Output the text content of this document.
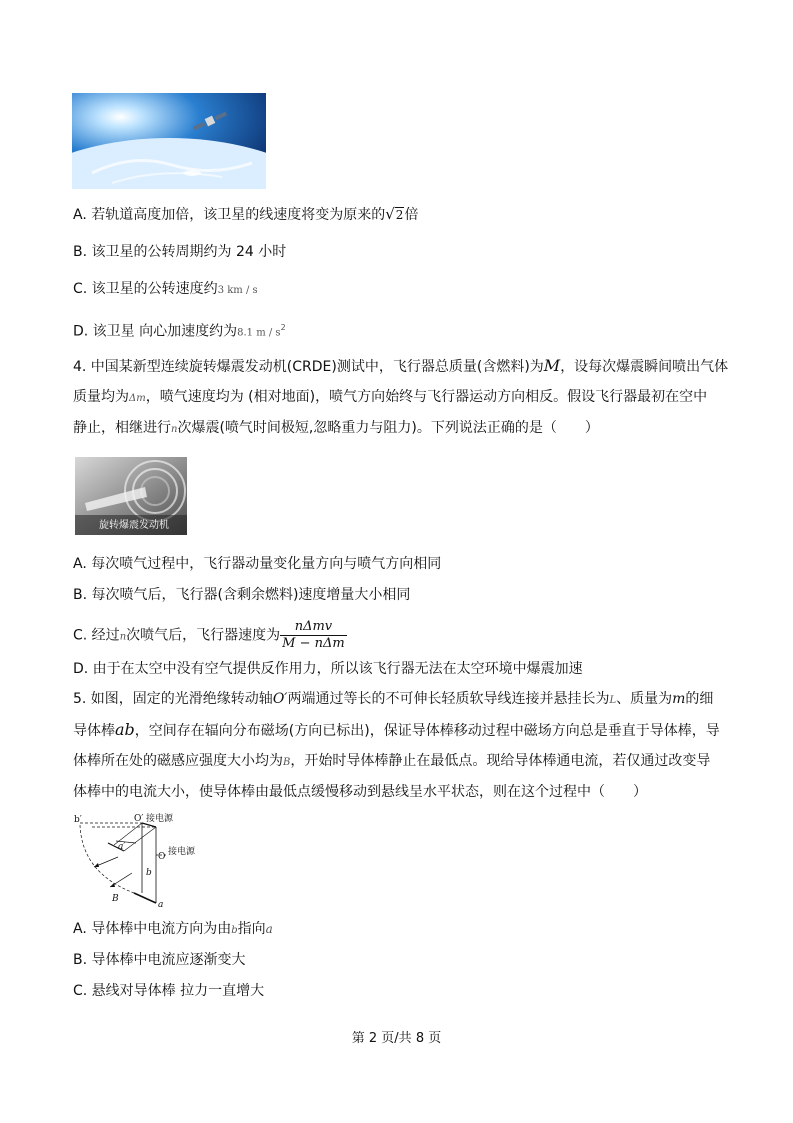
A. 若轨道高度加倍，该卫星的线速度将变为原来的√2倍
B. 该卫星的公转周期约为 24 小时
C. 该卫星的公转速度约3 km / s
D. 该卫星 向心加速度约为8.1 m / $s^2$
4. 中国某新型连续旋转爆震发动机(CRDE)测试中，飞行器总质量(含燃料)为M，设每次爆震瞬间喷出气体
质量均为Δm，喷气速度均为 (相对地面)，喷气方向始终与飞行器运动方向相反。假设飞行器最初在空中
静止，相继进行n次爆震(喷气时间极短,忽略重力与阻力)。下列说法正确的是（　　）
旋转爆震发动机
A. 每次喷气过程中，飞行器动量变化量方向与喷气方向相同
B. 每次喷气后，飞行器(含剩余燃料)速度增量大小相同
C. 经过n次喷气后，飞行器速度为 $\frac{\text{nΔmv}}{\text{M − nΔm}}$
D. 由于在太空中没有空气提供反作用力，所以该飞行器无法在太空环境中爆震加速
5. 如图，固定的光滑绝缘转动轴O′两端通过等长的不可伸长轻质软导线连接并悬挂长为L、质量为m的细
导体棒ab，空间存在辐向分布磁场(方向已标出)，保证导体棒移动过程中磁场方向总是垂直于导体棒，导
体棒所在处的磁感应强度大小均为B，开始时导体棒静止在最低点。现给导体棒通电流，若仅通过改变导
体棒中的电流大小，使导体棒由最低点缓慢移动到悬线呈水平状态，则在这个过程中（　　）
b′	O′ 接电源
a′
O 接电源
b
B
a
A. 导体棒中电流方向为由b指向a
B. 导体棒中电流应逐渐变大
C. 悬线对导体棒 拉力一直增大
第 2 页/共 8 页
